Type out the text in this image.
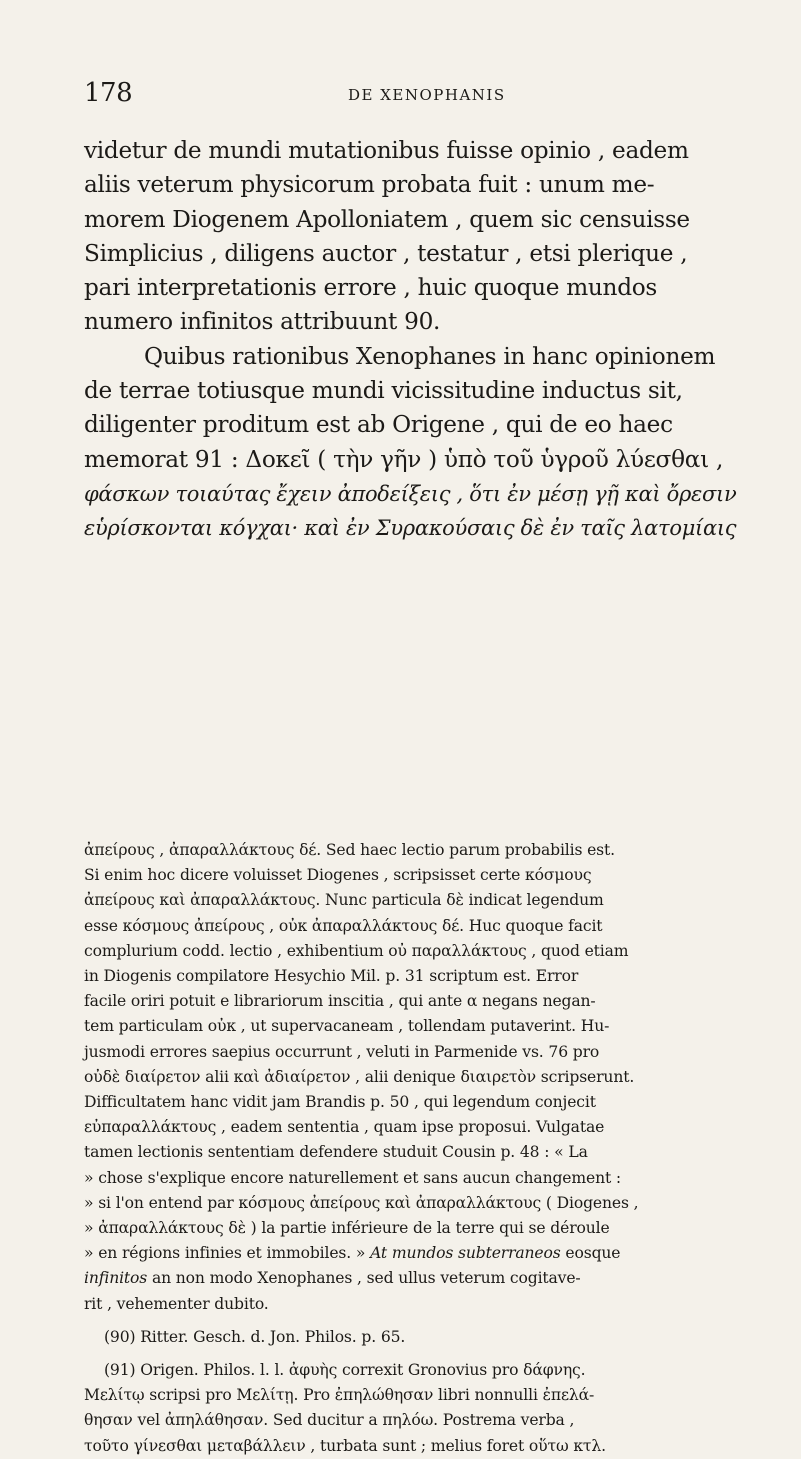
178	DE XENOPHANIS

videtur de mundi mutationibus fuisse opinio , eadem
aliis veterum physicorum probata fuit : unum me-
morem Diogenem Apolloniatem , quem sic censuisse
Simplicius , diligens auctor , testatur , etsi plerique ,
pari interpretationis errore , huic quoque mundos
numero infinitos attribuunt 90.

Quibus rationibus Xenophanes in hanc opinionem
de terrae totiusque mundi vicissitudine inductus sit,
diligenter proditum est ab Origene , qui de eo haec
memorat 91 : Δοκεῖ ( τὴν γῆν ) ὑπὸ τοῦ ὑγροῦ λύεσθαι ,
φάσκων τοιαύτας ἔχειν ἀποδείξεις , ὅτι ἐν μέσῃ γῇ καὶ ὄρεσιν
εὑρίσκονται κόγχαι· καὶ ἐν Συρακούσαις δὲ ἐν ταῖς λατομίαις

ἀπείρους , ἀπαραλλάκτους δέ. Sed haec lectio parum probabilis est.
Si enim hoc dicere voluisset Diogenes , scripsisset certe κόσμους
ἀπείρους καὶ ἀπαραλλάκτους. Nunc particula δὲ indicat legendum
esse κόσμους ἀπείρους , οὐκ ἀπαραλλάκτους δέ. Huc quoque facit
complurium codd. lectio , exhibentium οὐ παραλλάκτους , quod etiam
in Diogenis compilatore Hesychio Mil. p. 31 scriptum est. Error
facile oriri potuit e librariorum inscitia , qui ante α negans negan-
tem particulam οὐκ , ut supervacaneam , tollendam putaverint. Hu-
jusmodi errores saepius occurrunt , veluti in Parmenide vs. 76 pro
οὐδὲ διαίρετον alii καὶ ἀδιαίρετον , alii denique διαιρετὸν scripserunt.
Difficultatem hanc vidit jam Brandis p. 50 , qui legendum conjecit
εὐπαραλλάκτους , eadem sententia , quam ipse proposui. Vulgatae
tamen lectionis sententiam defendere studuit Cousin p. 48 : « La
» chose s'explique encore naturellement et sans aucun changement :
» si l'on entend par κόσμους ἀπείρους καὶ ἀπαραλλάκτους ( Diogenes ,
» ἀπαραλλάκτους δὲ ) la partie inférieure de la terre qui se déroule
» en régions infinies et immobiles. » At mundos subterraneos eosque
infinitos an non modo Xenophanes , sed ullus veterum cogitave-
rit , vehementer dubito.
(90) Ritter. Gesch. d. Jon. Philos. p. 65.
(91) Origen. Philos. l. l. ἀφυὴς correxit Gronovius pro δάφνης.
Μελίτῳ scripsi pro Μελίτῃ. Pro ἐπηλώθησαν libri nonnulli ἐπελά-
θησαν vel ἀπηλάθησαν. Sed ducitur a πηλόω. Postrema verba ,
τοῦτο γίνεσθαι μεταβάλλειν , turbata sunt ; melius foret οὕτω κτλ.
